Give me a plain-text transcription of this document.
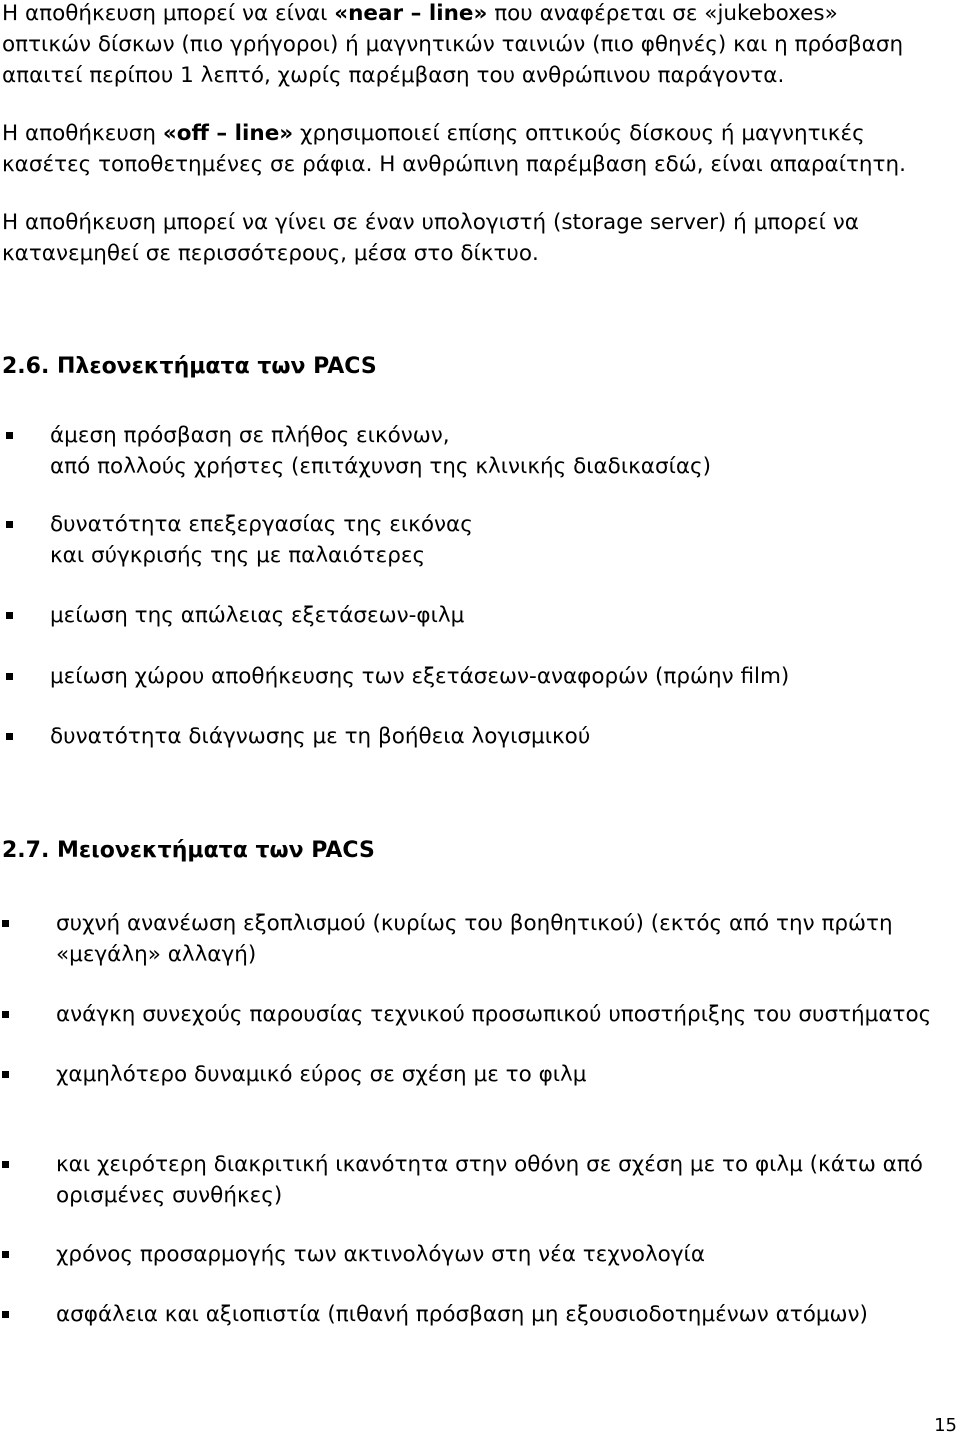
Η αποθήκευση μπορεί να είναι «near – line» που αναφέρεται σε «jukeboxes»
οπτικών δίσκων (πιο γρήγοροι) ή μαγνητικών ταινιών (πιο φθηνές) και η πρόσβαση
απαιτεί περίπου 1 λεπτό, χωρίς παρέμβαση του ανθρώπινου παράγοντα.

Η αποθήκευση «off – line» χρησιμοποιεί επίσης οπτικούς δίσκους ή μαγνητικές
κασέτες τοποθετημένες σε ράφια. Η ανθρώπινη παρέμβαση εδώ, είναι απαραίτητη.

Η αποθήκευση μπορεί να γίνει σε έναν υπολογιστή (storage server) ή μπορεί να
κατανεμηθεί σε περισσότερους, μέσα στο δίκτυο.

2.6. Πλεονεκτήματα των PACS
άμεση πρόσβαση σε πλήθος εικόνων,
από πολλούς χρήστες (επιτάχυνση της κλινικής διαδικασίας)
δυνατότητα επεξεργασίας της εικόνας
και σύγκρισής της με παλαιότερες
μείωση της απώλειας εξετάσεων-φιλμ
μείωση χώρου αποθήκευσης των εξετάσεων-αναφορών (πρώην film)
δυνατότητα διάγνωσης με τη βοήθεια λογισμικού
2.7. Μειονεκτήματα των PACS
συχνή ανανέωση εξοπλισμού (κυρίως του βοηθητικού) (εκτός από την πρώτη
«μεγάλη» αλλαγή)
ανάγκη συνεχούς παρουσίας τεχνικού προσωπικού υποστήριξης του συστήματος
χαμηλότερο δυναμικό εύρος σε σχέση με το φιλμ
και χειρότερη διακριτική ικανότητα στην οθόνη σε σχέση με το φιλμ (κάτω από
ορισμένες συνθήκες)
χρόνος προσαρμογής των ακτινολόγων στη νέα τεχνολογία
ασφάλεια και αξιοπιστία (πιθανή πρόσβαση μη εξουσιοδοτημένων ατόμων)
15
